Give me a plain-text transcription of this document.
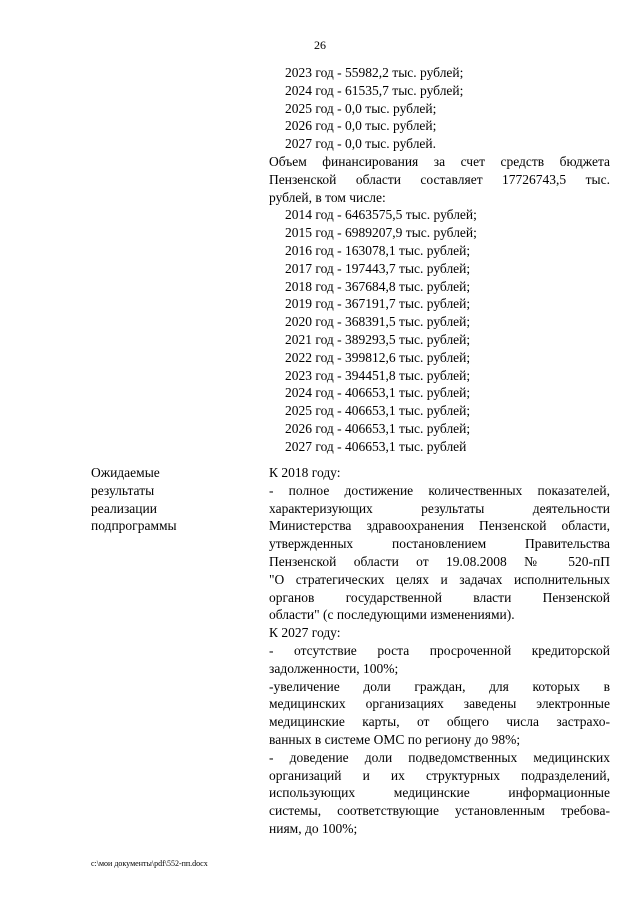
26
2023 год - 55982,2 тыс. рублей;
2024 год - 61535,7 тыс. рублей;
2025 год - 0,0 тыс. рублей;
2026 год - 0,0 тыс. рублей;
2027 год - 0,0 тыс. рублей.
Объем финансирования за счет средств бюджета
Пензенской области составляет 17726743,5 тыс.
рублей, в том числе:
2014 год - 6463575,5 тыс. рублей;
2015 год - 6989207,9 тыс. рублей;
2016 год - 163078,1 тыс. рублей;
2017 год - 197443,7 тыс. рублей;
2018 год - 367684,8 тыс. рублей;
2019 год - 367191,7 тыс. рублей;
2020 год - 368391,5 тыс. рублей;
2021 год - 389293,5 тыс. рублей;
2022 год - 399812,6 тыс. рублей;
2023 год - 394451,8 тыс. рублей;
2024 год - 406653,1 тыс. рублей;
2025 год - 406653,1 тыс. рублей;
2026 год - 406653,1 тыс. рублей;
2027 год - 406653,1 тыс. рублей
Ожидаемые
результаты
реализации
подпрограммы
К 2018 году:
- полное достижение количественных показателей,
характеризующих результаты деятельности
Министерства здравоохранения Пензенской области,
утвержденных постановлением Правительства
Пензенской области от 19.08.2008 № 520-пП
"О стратегических целях и задачах исполнительных
органов государственной власти Пензенской
области" (с последующими изменениями).
К 2027 году:
- отсутствие роста просроченной кредиторской
задолженности, 100%;
-увеличение доли граждан, для которых в
медицинских организациях заведены электронные
медицинские карты, от общего числа застрахо-
ванных в системе ОМС по региону до 98%;
- доведение доли подведомственных медицинских
организаций и их структурных подразделений,
использующих медицинские информационные
системы, соответствующие установленным требова-
ниям, до 100%;
c:\мои документы\pdf\552-пп.docx
